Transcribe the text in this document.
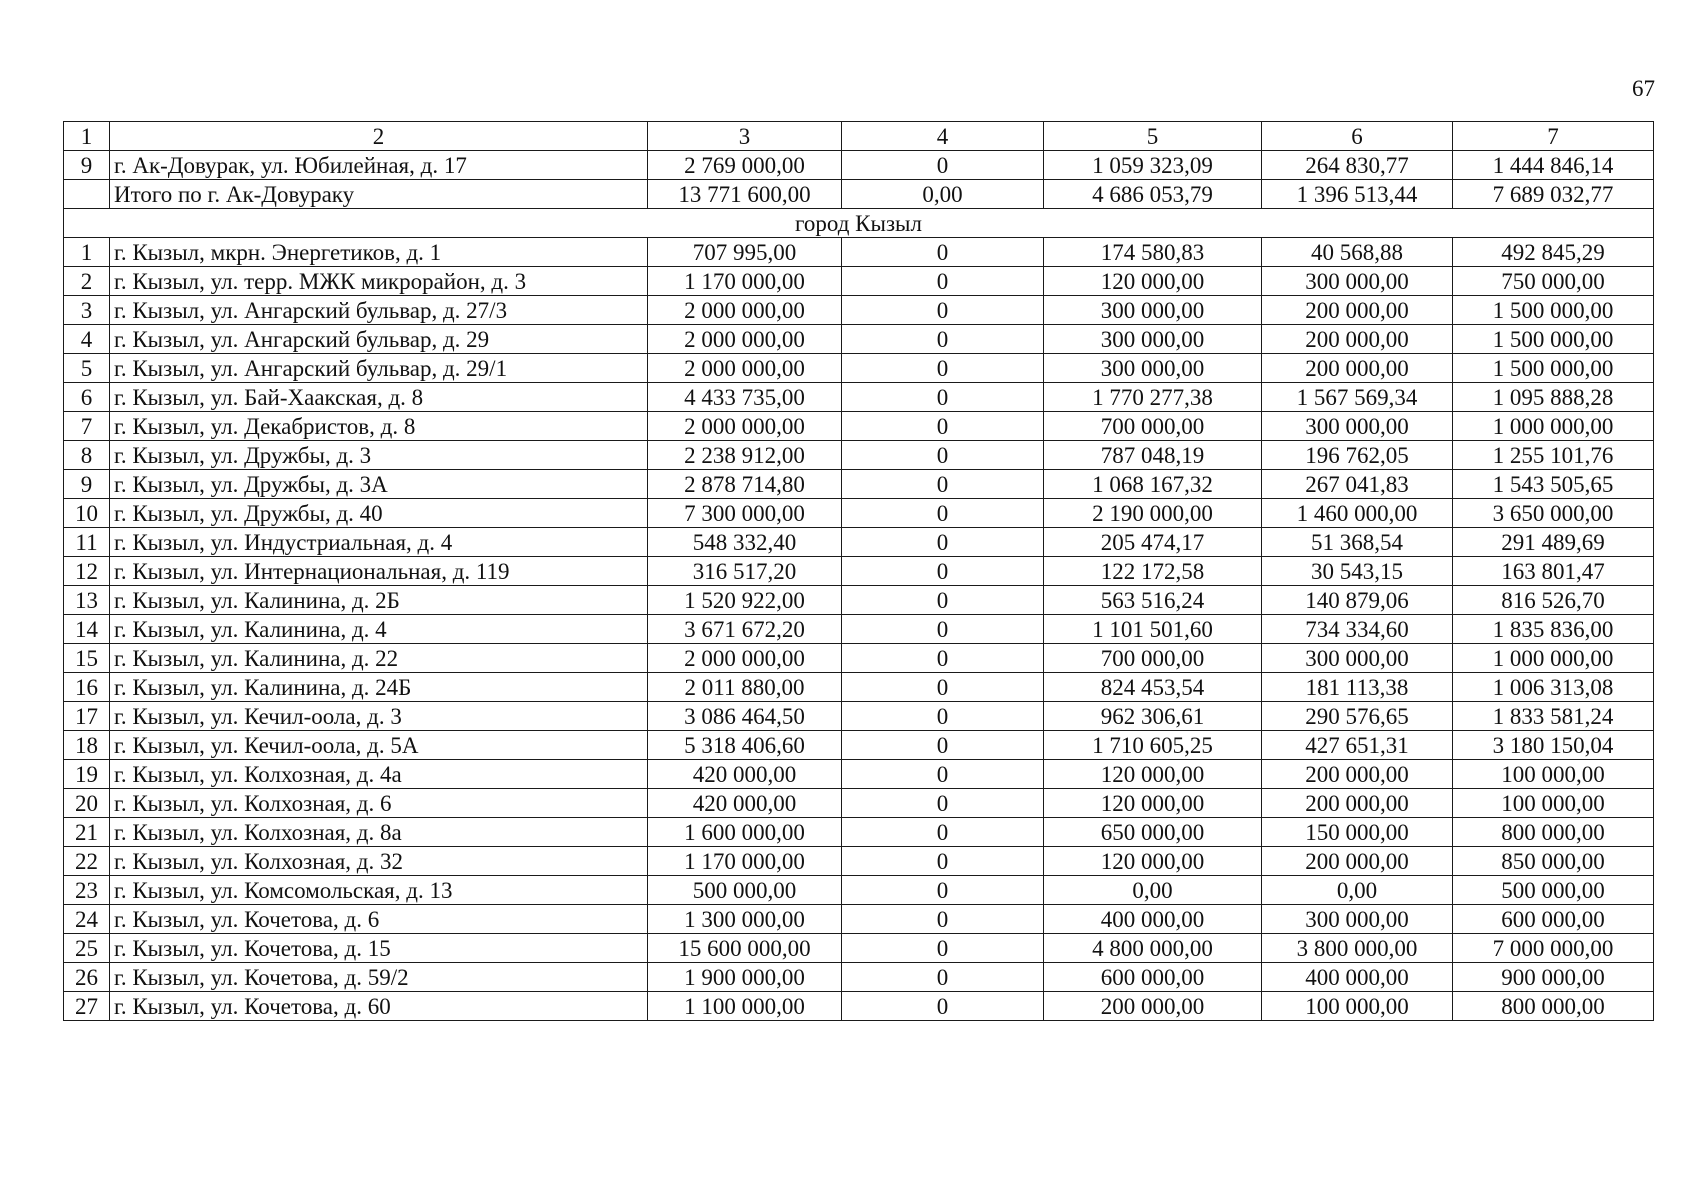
67
1	2	3	4	5	6	7
9	г. Ак-Довурак, ул. Юбилейная, д. 17	2 769 000,00	0	1 059 323,09	264 830,77	1 444 846,14
	Итого по г. Ак-Довураку	13 771 600,00	0,00	4 686 053,79	1 396 513,44	7 689 032,77
город Кызыл						
1	г. Кызыл, мкрн. Энергетиков, д. 1	707 995,00	0	174 580,83	40 568,88	492 845,29
2	г. Кызыл, ул. терр. МЖК микрорайон, д. 3	1 170 000,00	0	120 000,00	300 000,00	750 000,00
3	г. Кызыл, ул. Ангарский бульвар, д. 27/3	2 000 000,00	0	300 000,00	200 000,00	1 500 000,00
4	г. Кызыл, ул. Ангарский бульвар, д. 29	2 000 000,00	0	300 000,00	200 000,00	1 500 000,00
5	г. Кызыл, ул. Ангарский бульвар, д. 29/1	2 000 000,00	0	300 000,00	200 000,00	1 500 000,00
6	г. Кызыл, ул. Бай-Хаакская, д. 8	4 433 735,00	0	1 770 277,38	1 567 569,34	1 095 888,28
7	г. Кызыл, ул. Декабристов, д. 8	2 000 000,00	0	700 000,00	300 000,00	1 000 000,00
8	г. Кызыл, ул. Дружбы, д. 3	2 238 912,00	0	787 048,19	196 762,05	1 255 101,76
9	г. Кызыл, ул. Дружбы, д. 3А	2 878 714,80	0	1 068 167,32	267 041,83	1 543 505,65
10	г. Кызыл, ул. Дружбы, д. 40	7 300 000,00	0	2 190 000,00	1 460 000,00	3 650 000,00
11	г. Кызыл, ул. Индустриальная, д. 4	548 332,40	0	205 474,17	51 368,54	291 489,69
12	г. Кызыл, ул. Интернациональная, д. 119	316 517,20	0	122 172,58	30 543,15	163 801,47
13	г. Кызыл, ул. Калинина, д. 2Б	1 520 922,00	0	563 516,24	140 879,06	816 526,70
14	г. Кызыл, ул. Калинина, д. 4	3 671 672,20	0	1 101 501,60	734 334,60	1 835 836,00
15	г. Кызыл, ул. Калинина, д. 22	2 000 000,00	0	700 000,00	300 000,00	1 000 000,00
16	г. Кызыл, ул. Калинина, д. 24Б	2 011 880,00	0	824 453,54	181 113,38	1 006 313,08
17	г. Кызыл, ул. Кечил-оола, д. 3	3 086 464,50	0	962 306,61	290 576,65	1 833 581,24
18	г. Кызыл, ул. Кечил-оола, д. 5А	5 318 406,60	0	1 710 605,25	427 651,31	3 180 150,04
19	г. Кызыл, ул. Колхозная, д. 4а	420 000,00	0	120 000,00	200 000,00	100 000,00
20	г. Кызыл, ул. Колхозная, д. 6	420 000,00	0	120 000,00	200 000,00	100 000,00
21	г. Кызыл, ул. Колхозная, д. 8а	1 600 000,00	0	650 000,00	150 000,00	800 000,00
22	г. Кызыл, ул. Колхозная, д. 32	1 170 000,00	0	120 000,00	200 000,00	850 000,00
23	г. Кызыл, ул. Комсомольская, д. 13	500 000,00	0	0,00	0,00	500 000,00
24	г. Кызыл, ул. Кочетова, д. 6	1 300 000,00	0	400 000,00	300 000,00	600 000,00
25	г. Кызыл, ул. Кочетова, д. 15	15 600 000,00	0	4 800 000,00	3 800 000,00	7 000 000,00
26	г. Кызыл, ул. Кочетова, д. 59/2	1 900 000,00	0	600 000,00	400 000,00	900 000,00
27	г. Кызыл, ул. Кочетова, д. 60	1 100 000,00	0	200 000,00	100 000,00	800 000,00
